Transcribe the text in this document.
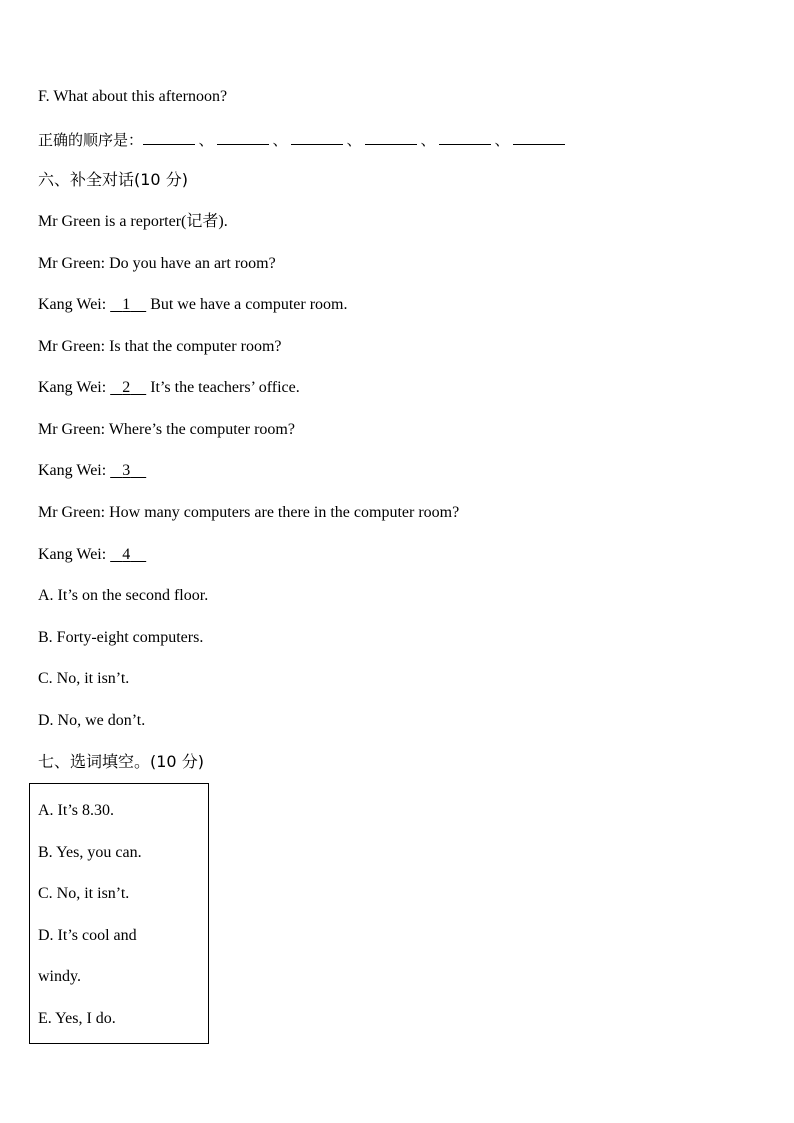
F. What about this afternoon?
正确的顺序是：	、	、	、	、	、
六、补全对话(10 分)
Mr Green is a reporter(记者).
Mr Green: Do you have an art room?
Kang Wei: 1 But we have a computer room.
Mr Green: Is that the computer room?
Kang Wei: 2 It’s the teachers’ office.
Mr Green: Where’s the computer room?
Kang Wei: 3
Mr Green: How many computers are there in the computer room?
Kang Wei: 4
A. It’s on the second floor.
B. Forty-eight computers.
C. No, it isn’t.
D. No, we don’t.
七、选词填空。(10 分)
A. It’s 8.30.
B. Yes, you can.
C. No, it isn’t.
D. It’s cool and
windy.
E. Yes, I do.
